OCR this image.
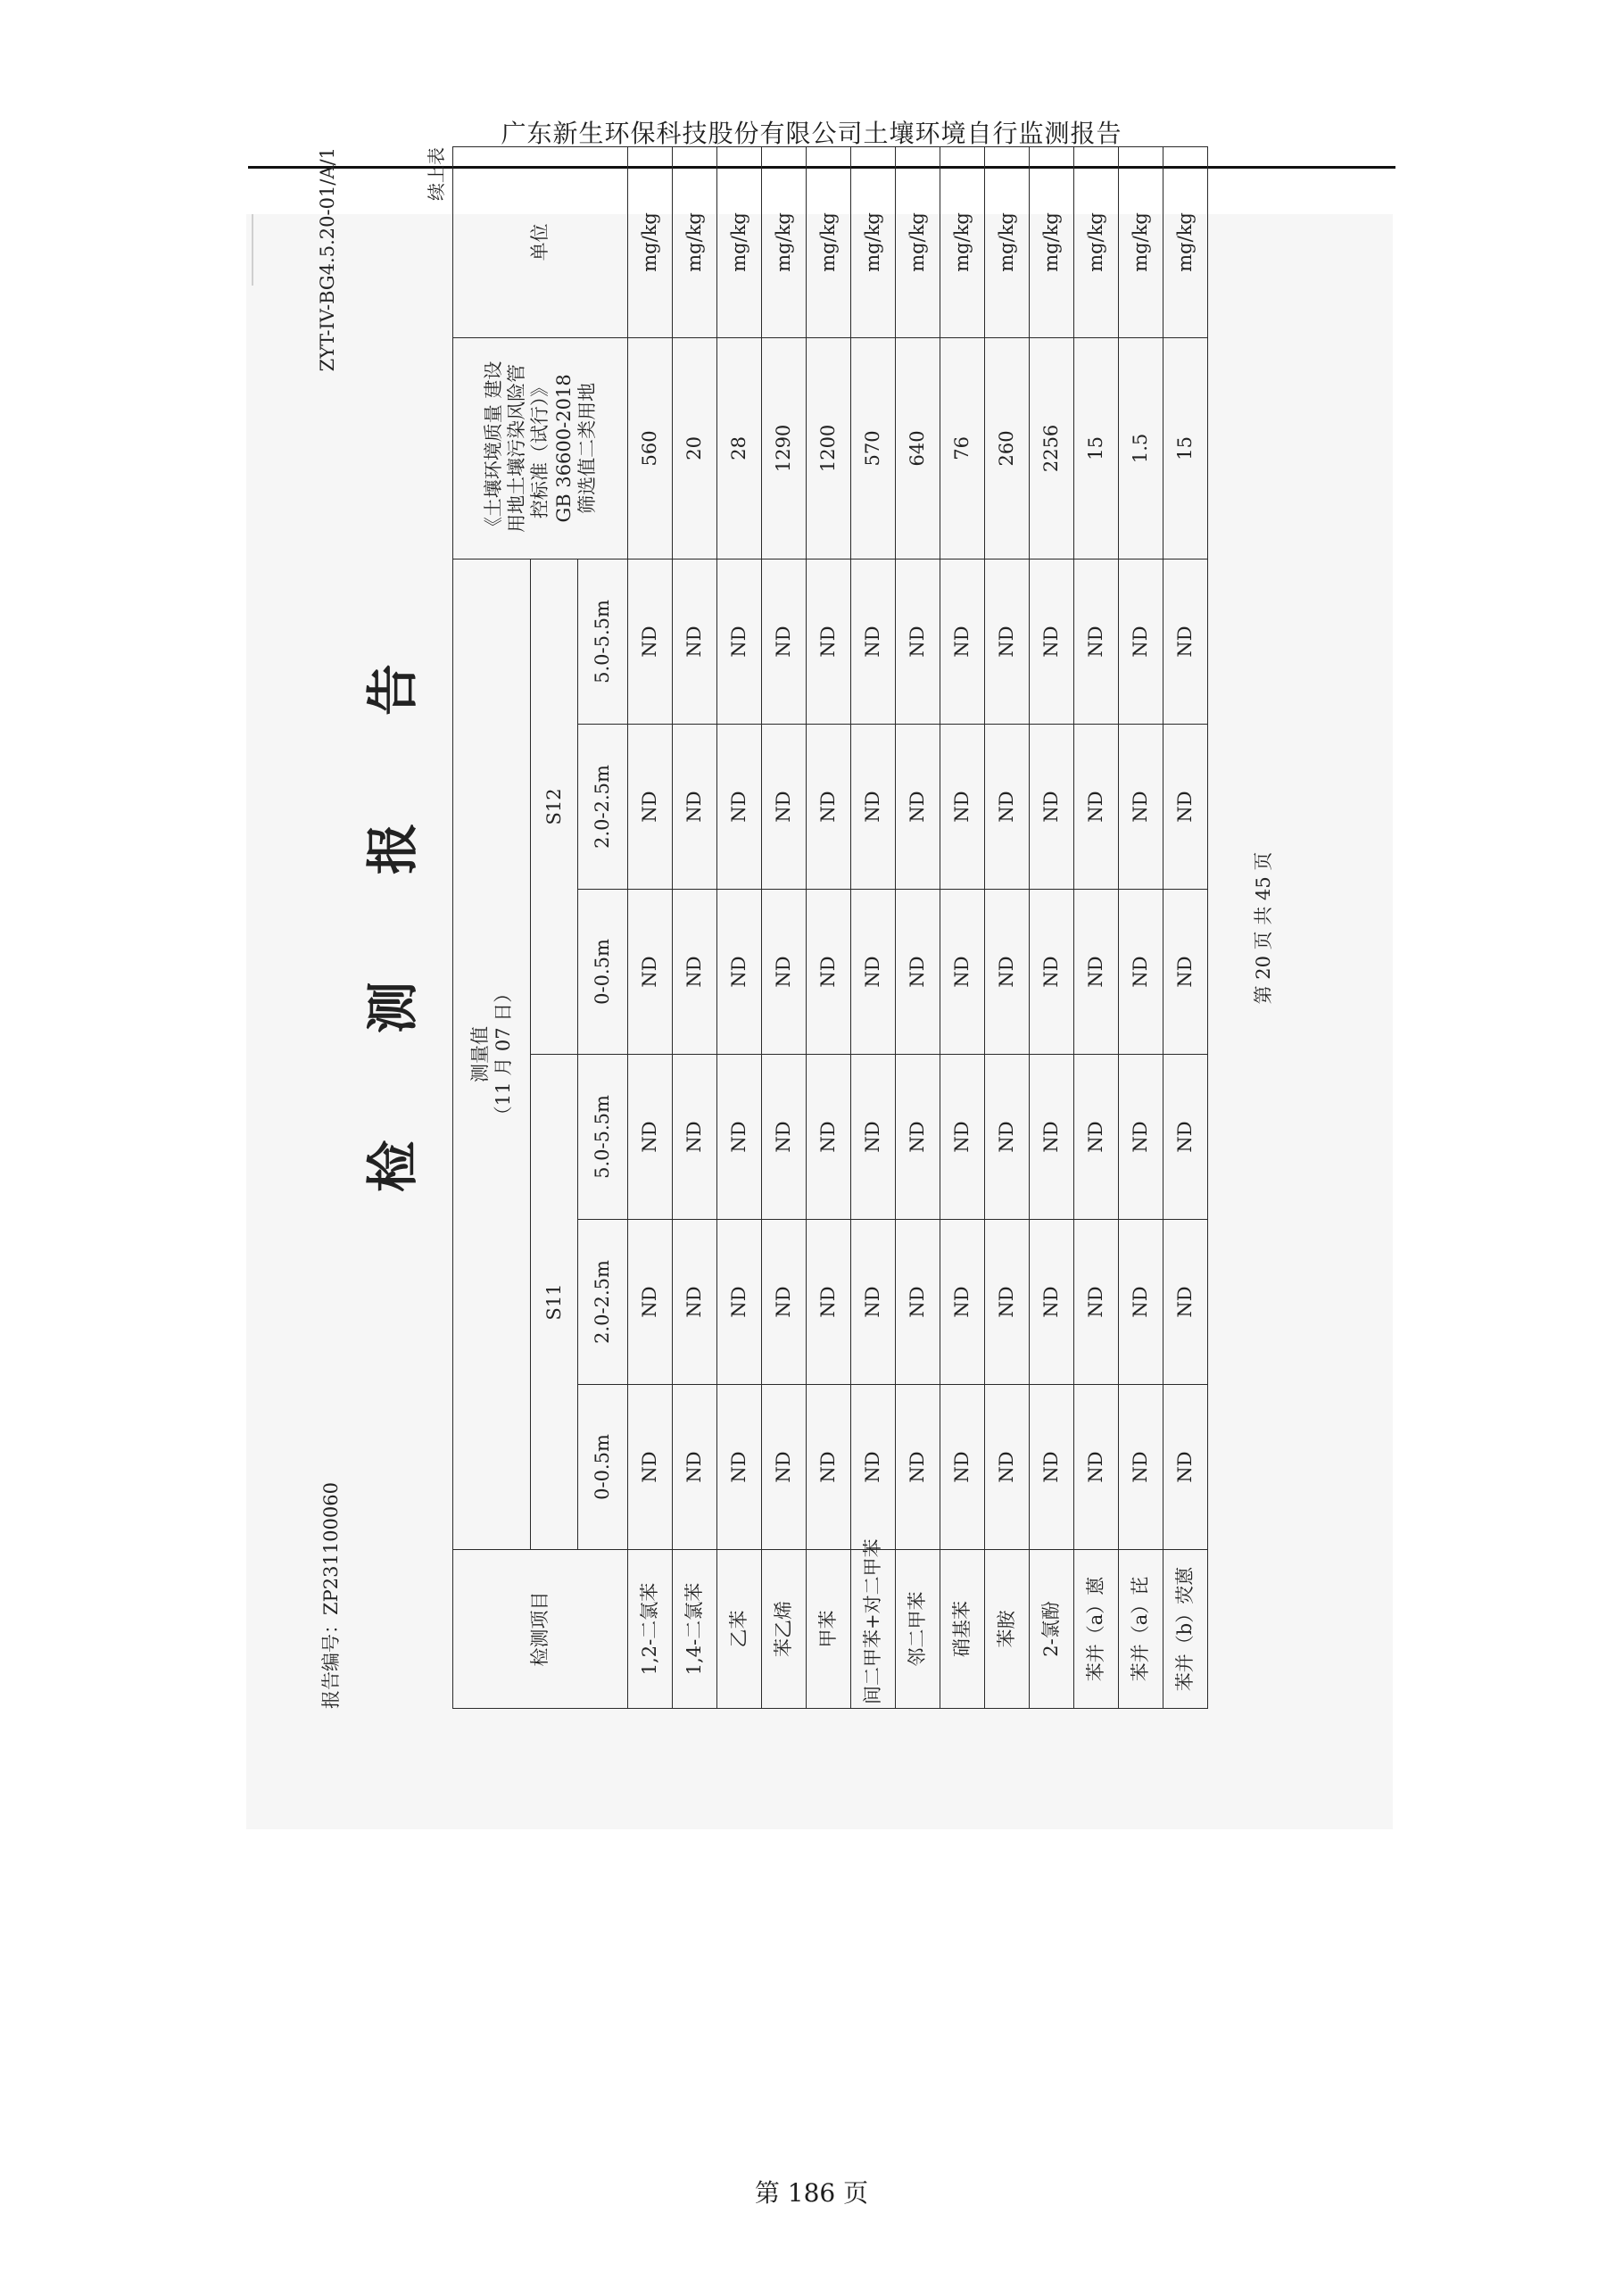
广东新生环保科技股份有限公司土壤环境自行监测报告
报告编号：ZP231100060
ZYT-IV-BG4.5.20-01/A/1
检测报告
续上表
检测项目	测量值 （11 月 07 日）						《土壤环境质量 建设 用地土壤污染风险管 控标准（试行）》 GB 36600-2018 筛选值二类用地	单位
	S11			S12				
	0-0.5m	2.0-2.5m	5.0-5.5m	0-0.5m	2.0-2.5m	5.0-5.5m		
1,2-二氯苯	ND	ND	ND	ND	ND	ND	560	mg/kg
1,4-二氯苯	ND	ND	ND	ND	ND	ND	20	mg/kg
乙苯	ND	ND	ND	ND	ND	ND	28	mg/kg
苯乙烯	ND	ND	ND	ND	ND	ND	1290	mg/kg
甲苯	ND	ND	ND	ND	ND	ND	1200	mg/kg
间二甲苯+对二甲苯	ND	ND	ND	ND	ND	ND	570	mg/kg
邻二甲苯	ND	ND	ND	ND	ND	ND	640	mg/kg
硝基苯	ND	ND	ND	ND	ND	ND	76	mg/kg
苯胺	ND	ND	ND	ND	ND	ND	260	mg/kg
2-氯酚	ND	ND	ND	ND	ND	ND	2256	mg/kg
苯并（a）蒽	ND	ND	ND	ND	ND	ND	15	mg/kg
苯并（a）芘	ND	ND	ND	ND	ND	ND	1.5	mg/kg
苯并（b）荧蒽	ND	ND	ND	ND	ND	ND	15	mg/kg
第 20 页 共 45 页
第 186 页
